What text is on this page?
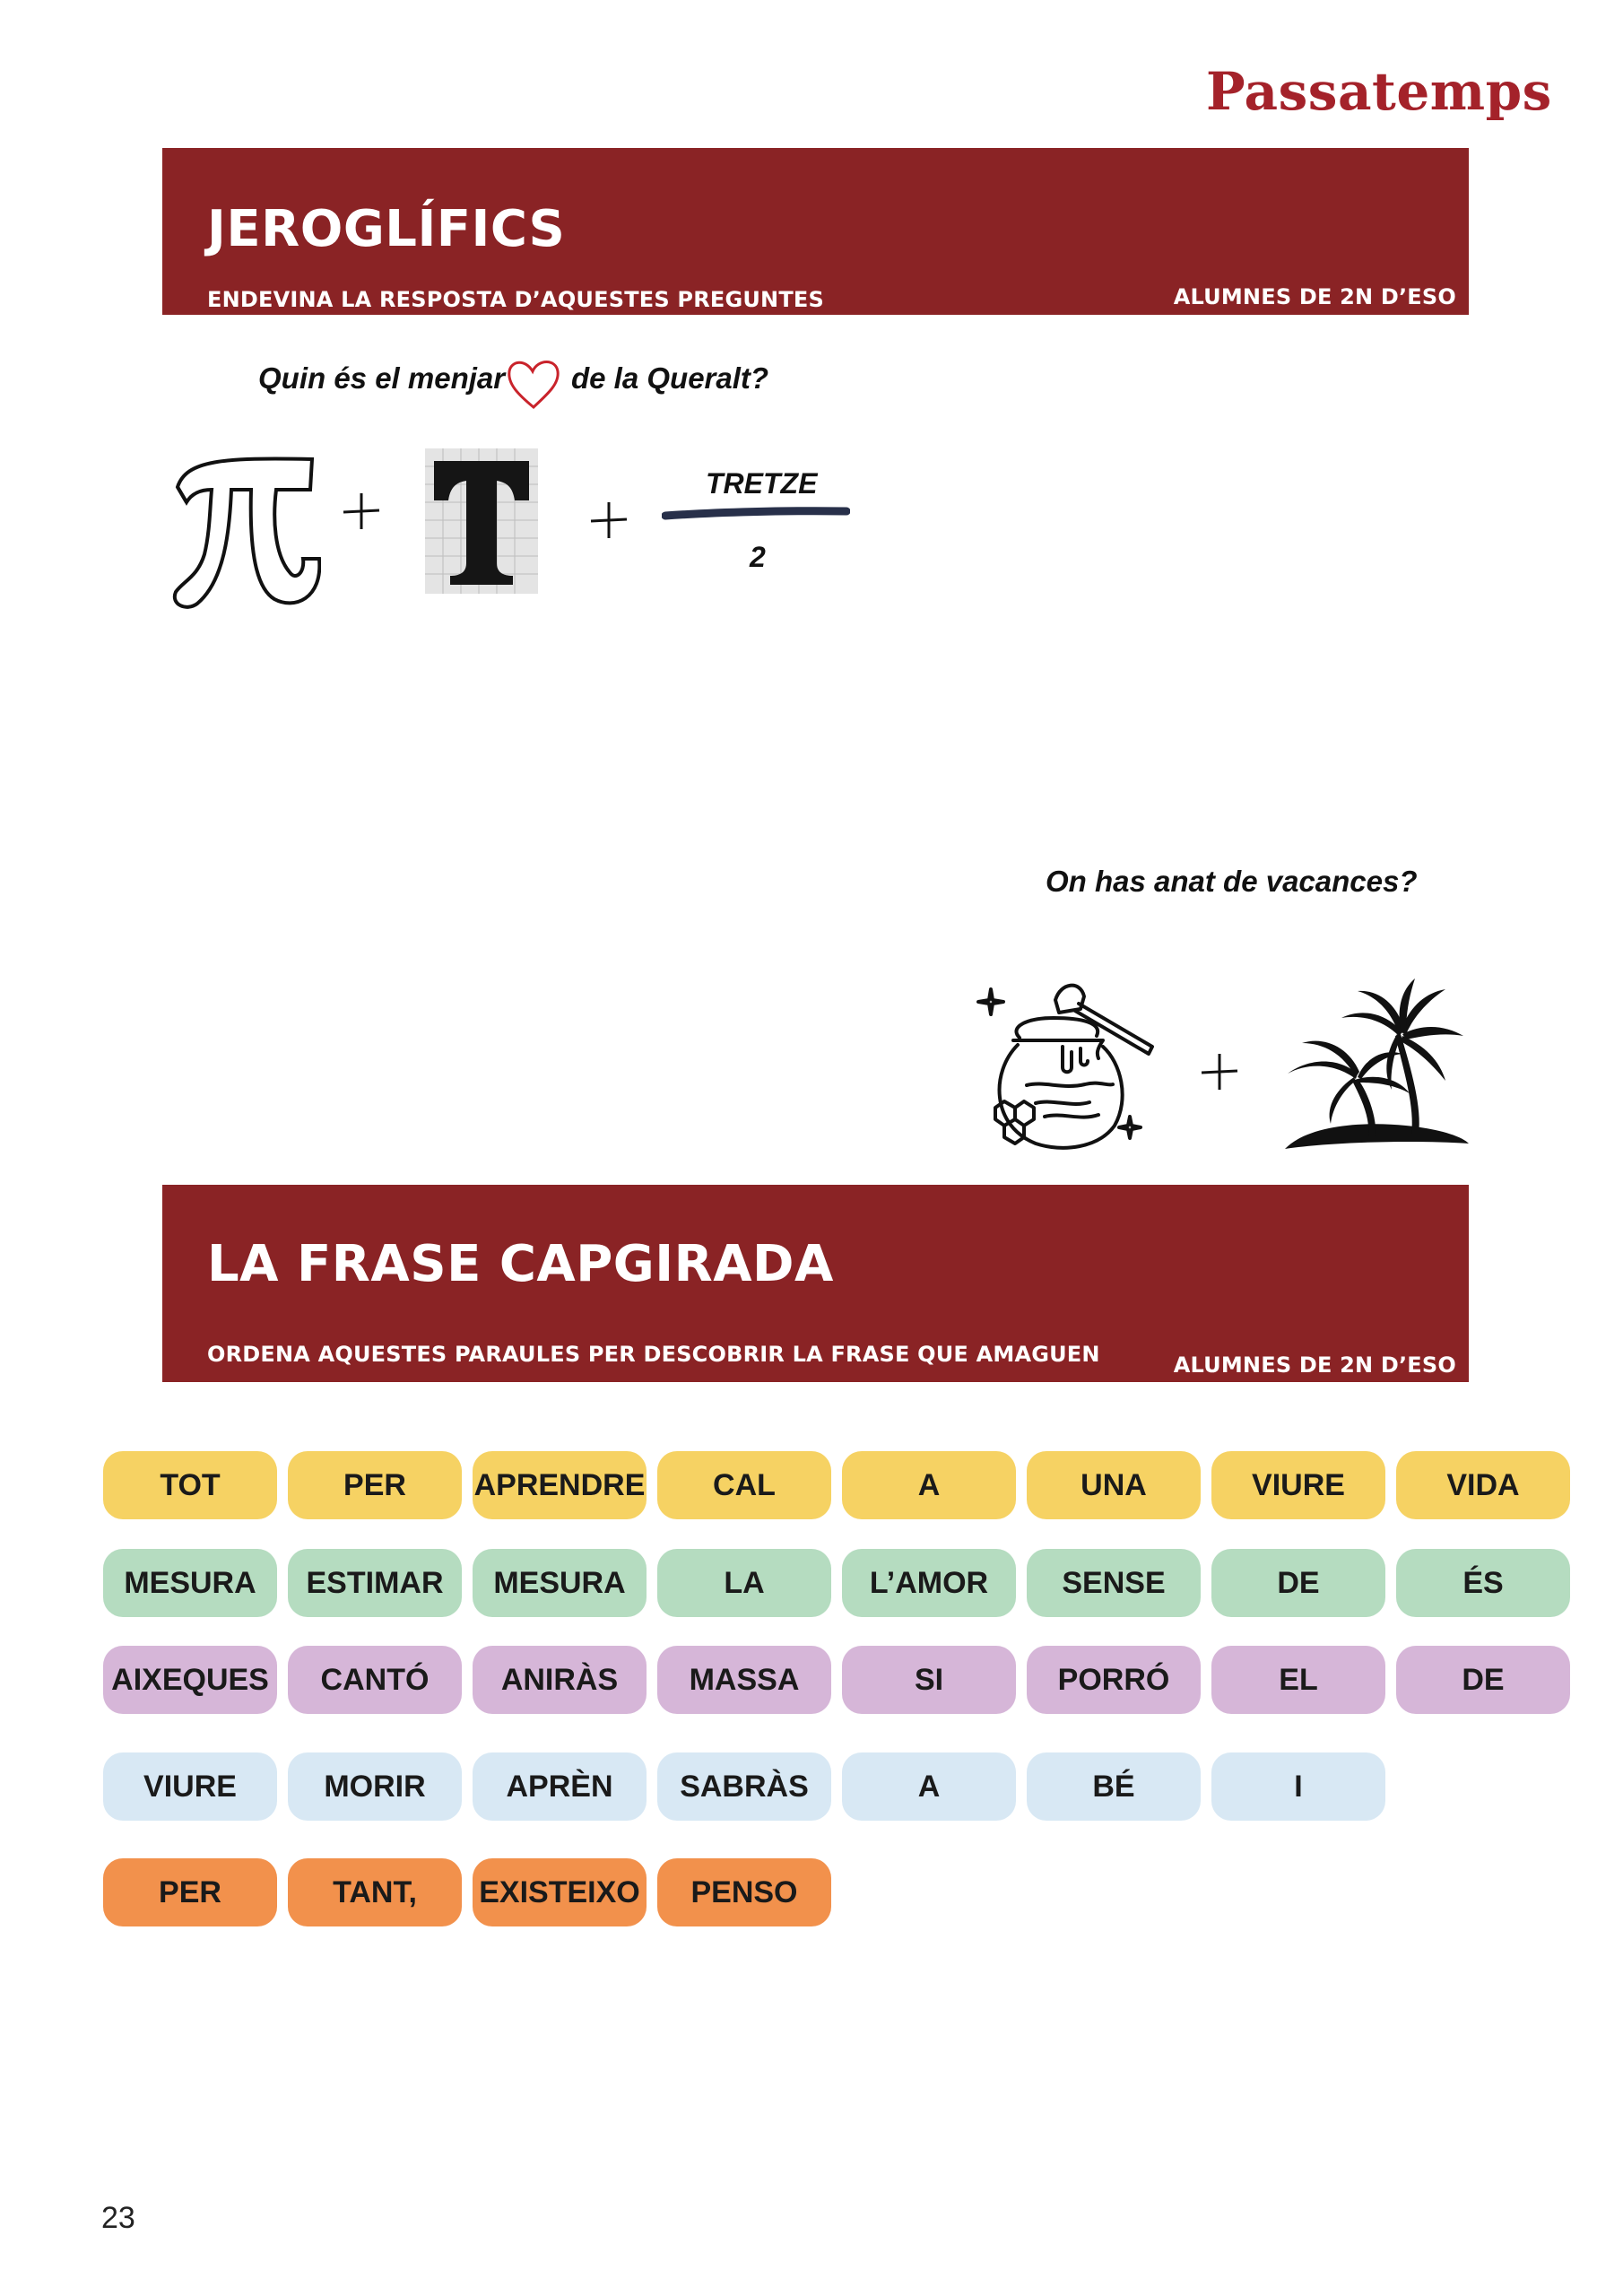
Passatemps
JEROGLÍFICS
ENDEVINA LA RESPOSTA D’AQUESTES PREGUNTES	ALUMNES DE 2N D’ESO
Quin és el menjar de la Queralt?
TRETZE
2
On has anat de vacances?
LA FRASE CAPGIRADA
ORDENA AQUESTES PARAULES PER DESCOBRIR LA FRASE QUE AMAGUEN	ALUMNES DE 2N D’ESO
TOT	PER	APRENDRE	CAL	A	UNA	VIURE	VIDA
MESURA	ESTIMAR	MESURA	LA	L’AMOR	SENSE	DE	ÉS
AIXEQUES	CANTÓ	ANIRÀS	MASSA	SI	PORRÓ	EL	DE
VIURE	MORIR	APRÈN	SABRÀS	A	BÉ	I
PER	TANT,	EXISTEIXO	PENSO
23
